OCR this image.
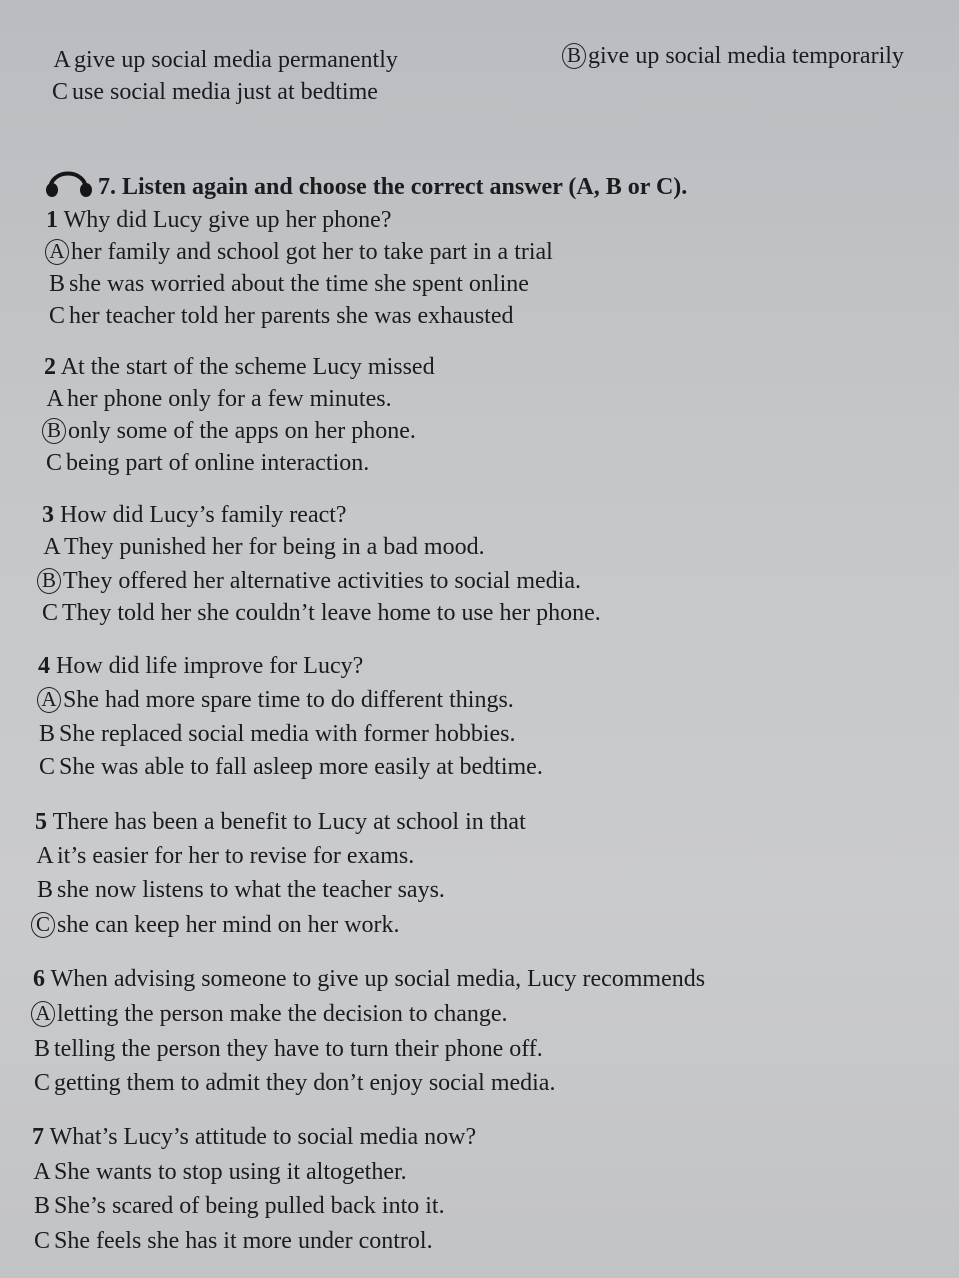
A give up social media permanently	B give up social media temporarily
C use social media just at bedtime
7. Listen again and choose the correct answer (A, B or C).
1 Why did Lucy give up her phone?
A her family and school got her to take part in a trial
B she was worried about the time she spent online
C her teacher told her parents she was exhausted
2 At the start of the scheme Lucy missed
A her phone only for a few minutes.
B only some of the apps on her phone.
C being part of online interaction.
3 How did Lucy’s family react?
A They punished her for being in a bad mood.
B They offered her alternative activities to social media.
C They told her she couldn’t leave home to use her phone.
4 How did life improve for Lucy?
A She had more spare time to do different things.
B She replaced social media with former hobbies.
C She was able to fall asleep more easily at bedtime.
5 There has been a benefit to Lucy at school in that
A it’s easier for her to revise for exams.
B she now listens to what the teacher says.
C she can keep her mind on her work.
6 When advising someone to give up social media, Lucy recommends
A letting the person make the decision to change.
B telling the person they have to turn their phone off.
C getting them to admit they don’t enjoy social media.
7 What’s Lucy’s attitude to social media now?
A She wants to stop using it altogether.
B She’s scared of being pulled back into it.
C She feels she has it more under control.
